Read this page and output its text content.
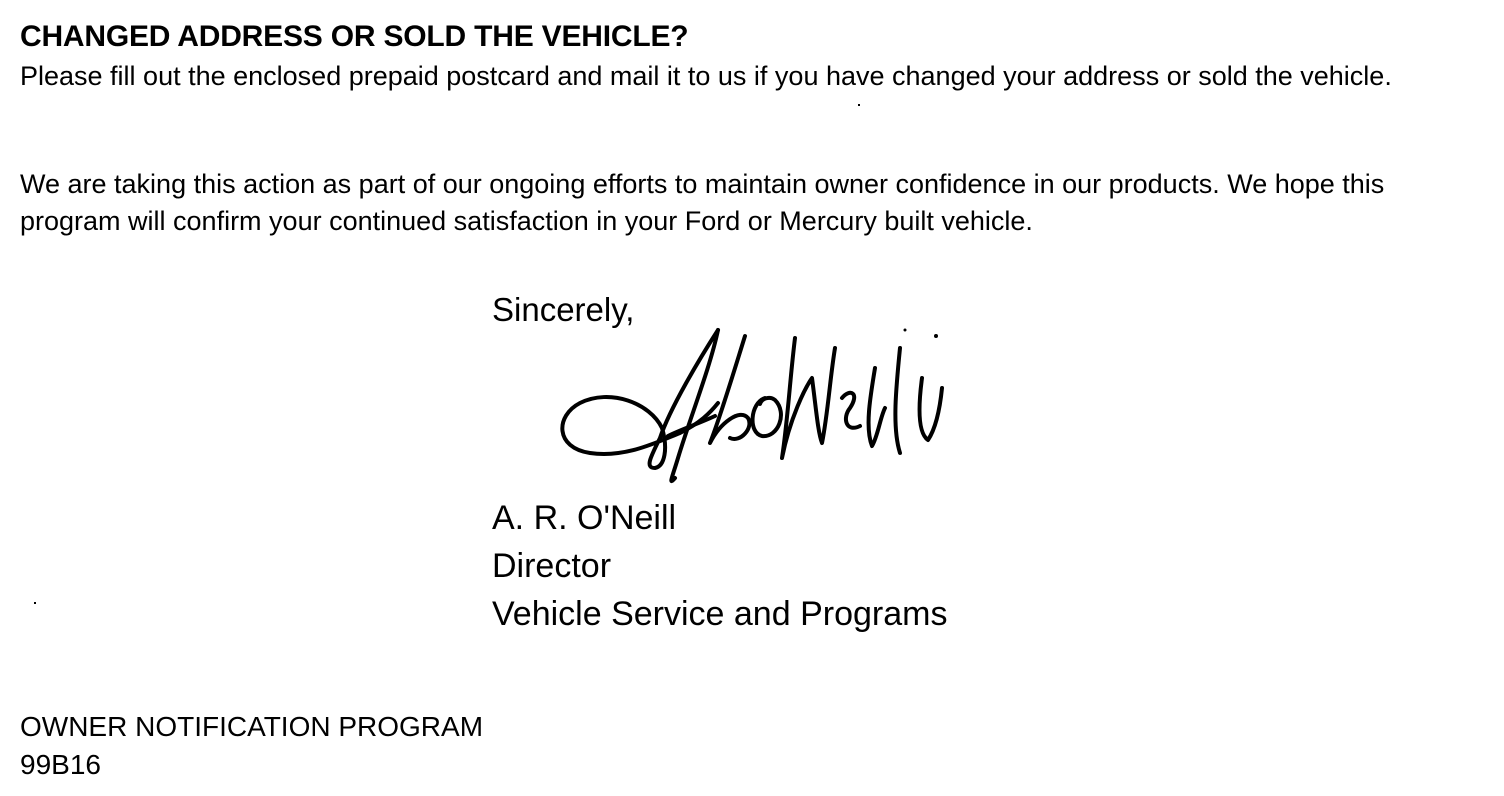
CHANGED ADDRESS OR SOLD THE VEHICLE?

Please fill out the enclosed prepaid postcard and mail it to us if you have changed your address or sold the vehicle.

We are taking this action as part of our ongoing efforts to maintain owner confidence in our products. We hope this program will confirm your continued satisfaction in your Ford or Mercury built vehicle.

Sincerely,
A. R. O'Neill
Director
Vehicle Service and Programs
OWNER NOTIFICATION PROGRAM
99B16
